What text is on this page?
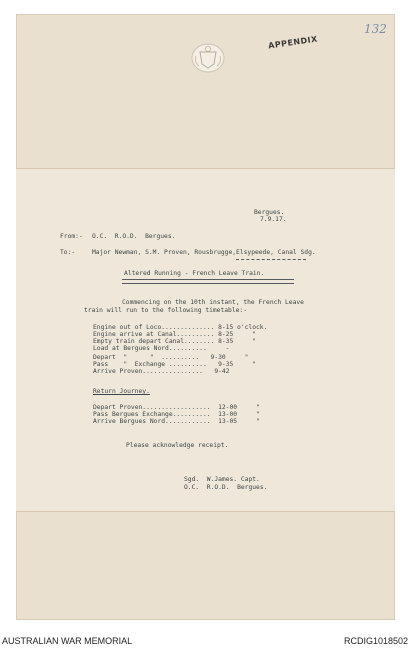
132
APPENDIX
Bergues.
7.9.17.
From:- O.C.  R.O.D.  Bergues.
To:-	Major Newman, S.M. Proven, Rousbrugge,Elsypeede, Canal Sdg.
Altered Running - French Leave Train.
Commencing on the 10th instant, the French Leave
train will run to the following timetable:-
Engine out of Loco.............. 8-15 o'clock.
Engine arrive at Canal.......... 8-25     "
Empty train depart Canal........ 8-35     "
Load at Bergues Nord..........     -
Depart  "      "  ..........   9-30     "
Pass    "  Exchange ..........   9-35     "
Arrive Proven................   9-42
Return Journey.
Depart Proven..................  12-00     "
Pass Bergues Exchange..........  13-00     "
Arrive Bergues Nord............  13-05     "
Please acknowledge receipt.
Sgd.  W.James. Capt.
O.C.  R.O.D.  Bergues.
AUSTRALIAN WAR MEMORIAL	RCDIG1018502
